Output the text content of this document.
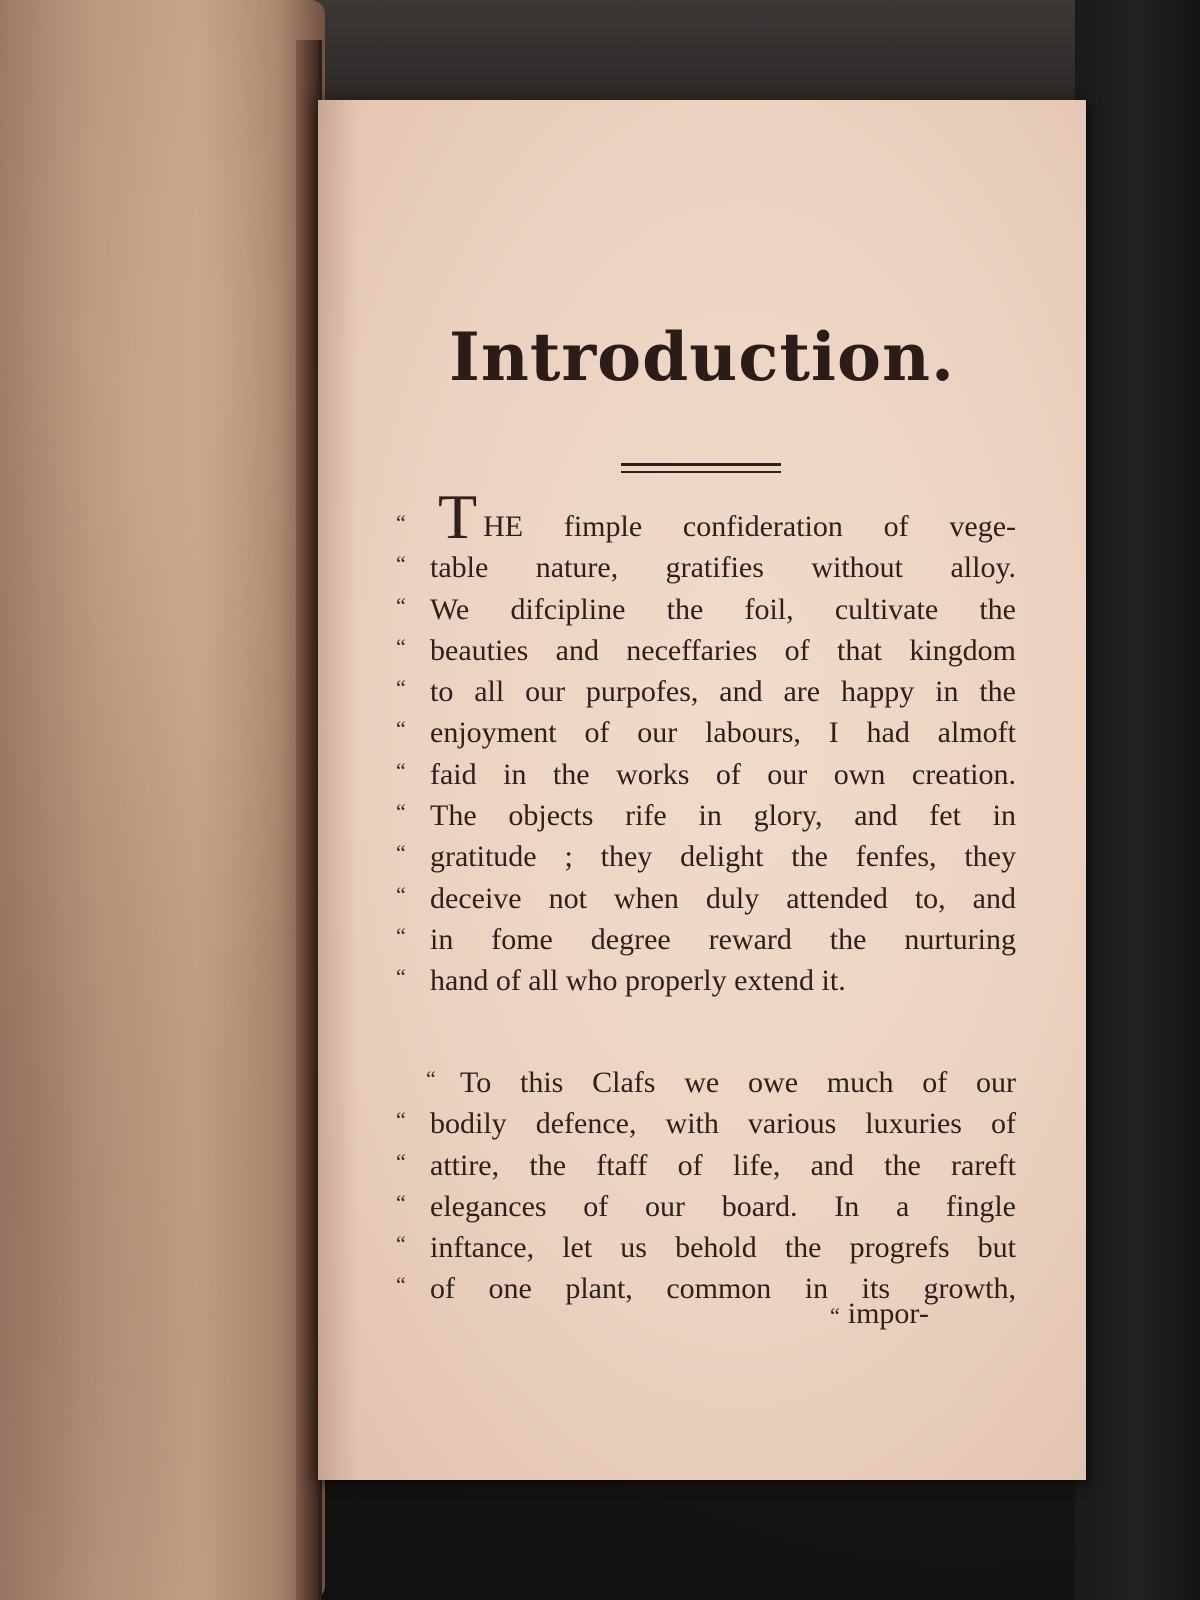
Introduction.
“ THE fimple confideration of vege-
“ table nature, gratifies without alloy.
“ We difcipline the foil, cultivate the
“ beauties and neceffaries of that kingdom
“ to all our purpofes, and are happy in the
“ enjoyment of our labours, I had almoft
“ faid in the works of our own creation.
“ The objects rife in glory, and fet in
“ gratitude ; they delight the fenfes, they
“ deceive not when duly attended to, and
“ in fome degree reward the nurturing
“ hand of all who properly extend it.
“ To this Clafs we owe much of our
“ bodily defence, with various luxuries of
“ attire, the ftaff of life, and the rareft
“ elegances of our board. In a fingle
“ inftance, let us behold the progrefs but
“ of one plant, common in its growth,
“ impor-
